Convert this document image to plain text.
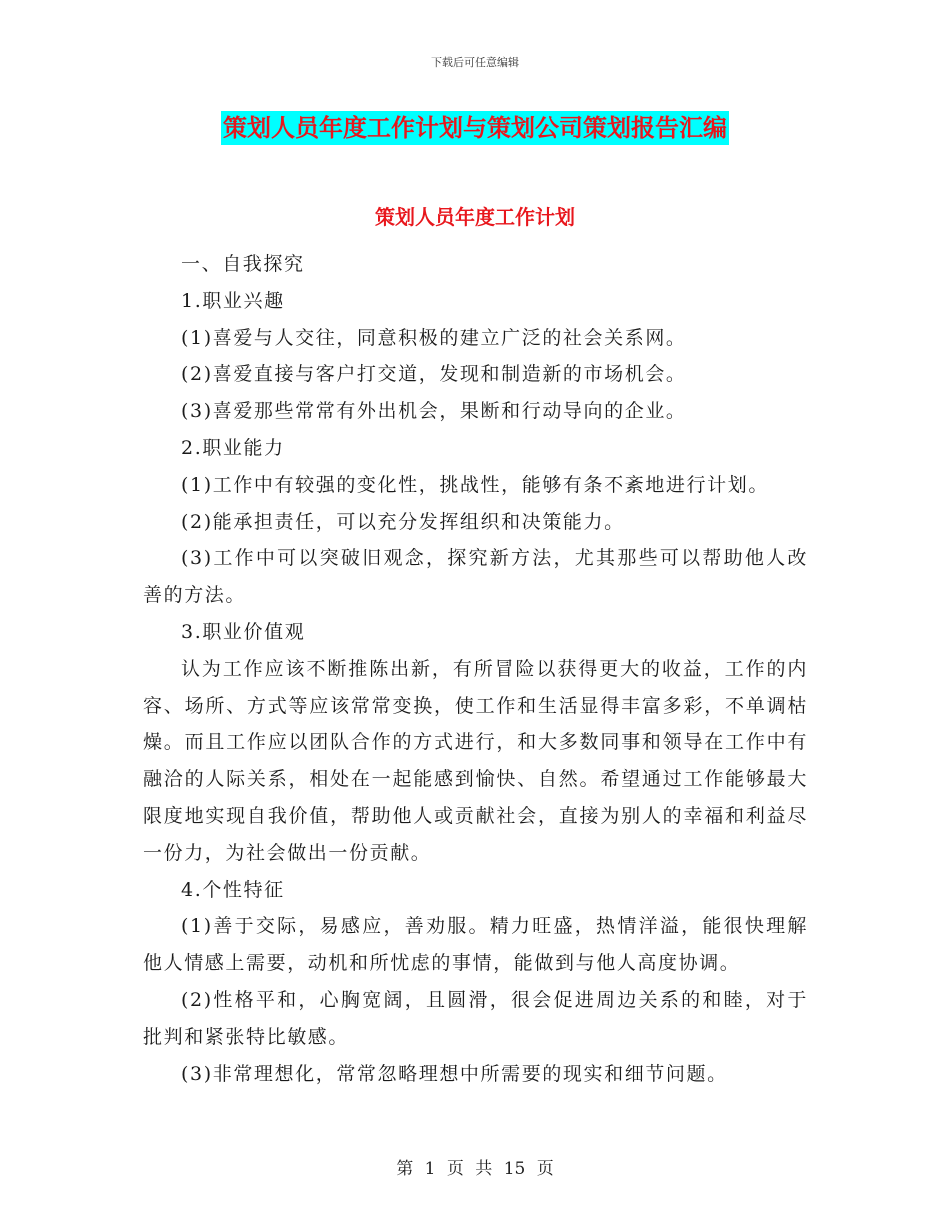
下载后可任意编辑
策划人员年度工作计划与策划公司策划报告汇编
策划人员年度工作计划

一、自我探究

1.职业兴趣

(1)喜爱与人交往，同意积极的建立广泛的社会关系网。

(2)喜爱直接与客户打交道，发现和制造新的市场机会。

(3)喜爱那些常常有外出机会，果断和行动导向的企业。

2.职业能力

(1)工作中有较强的变化性，挑战性，能够有条不紊地进行计划。

(2)能承担责任，可以充分发挥组织和决策能力。

(3)工作中可以突破旧观念，探究新方法，尤其那些可以帮助他人改善的方法。

3.职业价值观

认为工作应该不断推陈出新，有所冒险以获得更大的收益，工作的内容、场所、方式等应该常常变换，使工作和生活显得丰富多彩，不单调枯燥。而且工作应以团队合作的方式进行，和大多数同事和领导在工作中有融洽的人际关系，相处在一起能感到愉快、自然。希望通过工作能够最大限度地实现自我价值，帮助他人或贡献社会，直接为别人的幸福和利益尽一份力，为社会做出一份贡献。

4.个性特征

(1)善于交际，易感应，善劝服。精力旺盛，热情洋溢，能很快理解他人情感上需要，动机和所忧虑的事情，能做到与他人高度协调。

(2)性格平和，心胸宽阔，且圆滑，很会促进周边关系的和睦，对于批判和紧张特比敏感。

(3)非常理想化，常常忽略理想中所需要的现实和细节问题。

第 1 页 共 15 页
